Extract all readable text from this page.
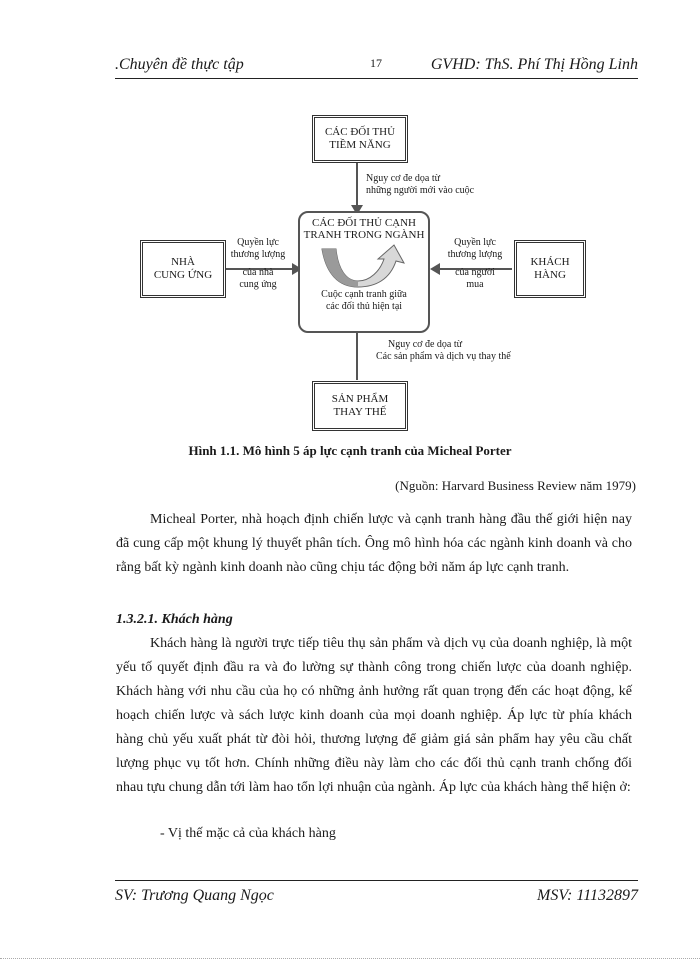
.Chuyên đề thực tập	17	GVHD: ThS. Phí Thị Hồng Linh
CÁC ĐỐI THỦ
TIỀM NĂNG
NHÀ
CUNG ỨNG
KHÁCH
HÀNG
SẢN PHẨM
THAY THẾ
CÁC ĐỐI THỦ CẠNH
TRANH TRONG NGÀNH
Cuộc cạnh tranh giữa
các đối thủ hiện tại
Nguy cơ đe dọa từ
những người mới vào cuộc
Quyền lực
thương lượng
của nhà
cung ứng
Quyền lực
thương lượng
của người
mua
Nguy cơ đe dọa từ
Các sản phẩm và dịch vụ thay thế
Hình 1.1. Mô hình 5 áp lực cạnh tranh của Micheal Porter
(Nguồn: Harvard Business Review năm 1979)

Micheal Porter, nhà hoạch định chiến lược và cạnh tranh hàng đầu thế giới hiện nay đã cung cấp một khung lý thuyết phân tích. Ông mô hình hóa các ngành kinh doanh và cho rằng bất kỳ ngành kinh doanh nào cũng chịu tác động bởi năm áp lực cạnh tranh.

1.3.2.1. Khách hàng

Khách hàng là người trực tiếp tiêu thụ sản phẩm và dịch vụ của doanh nghiệp, là một yếu tố quyết định đầu ra và đo lường sự thành công trong chiến lược của doanh nghiệp. Khách hàng với nhu cầu của họ có những ảnh hưởng rất quan trọng đến các hoạt động, kế hoạch chiến lược và sách lược kinh doanh của mọi doanh nghiệp. Áp lực từ phía khách hàng chủ yếu xuất phát từ đòi hỏi, thương lượng để giảm giá sản phẩm hay yêu cầu chất lượng phục vụ tốt hơn. Chính những điều này làm cho các đối thủ cạnh tranh chống đối nhau tựu chung dẫn tới làm hao tổn lợi nhuận của ngành. Áp lực của khách hàng thể hiện ở:

- Vị thế mặc cả của khách hàng
SV: Trương Quang Ngọc	MSV: 11132897
